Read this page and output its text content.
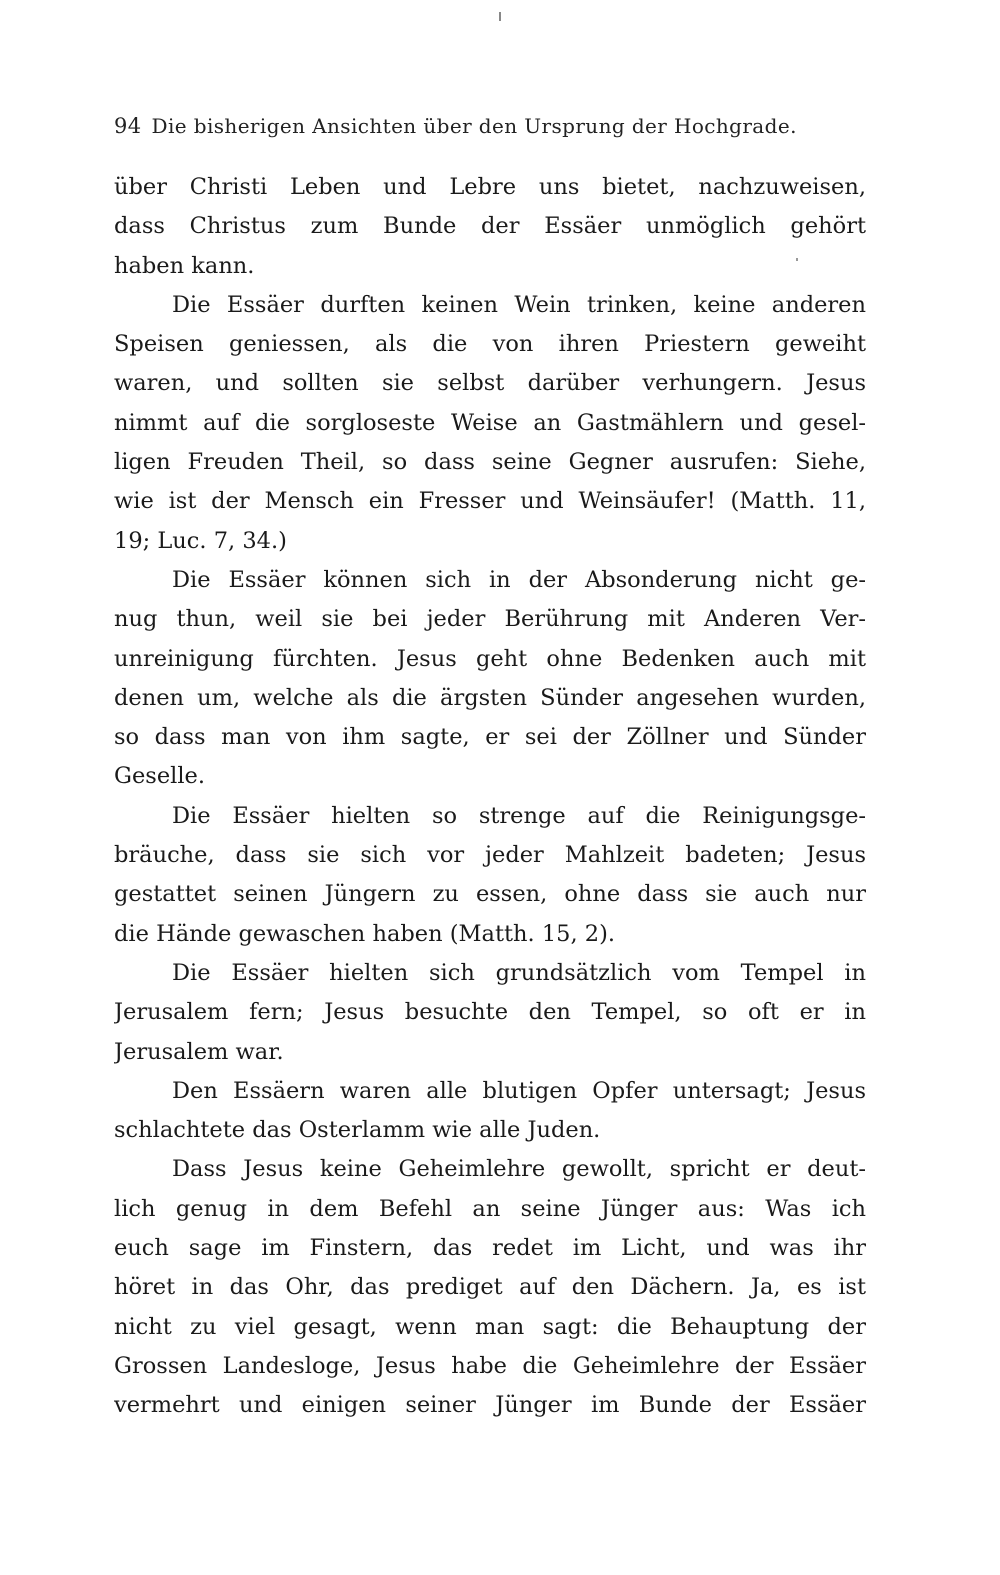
94 Die bisherigen Ansichten über den Ursprung der Hochgrade.
über Christi Leben und Lebre uns bietet, nachzuweisen,
dass Christus zum Bunde der Essäer unmöglich gehört
haben kann.
Die Essäer durften keinen Wein trinken, keine anderen
Speisen geniessen, als die von ihren Priestern geweiht
waren, und sollten sie selbst darüber verhungern. Jesus
nimmt auf die sorgloseste Weise an Gastmählern und gesel-
ligen Freuden Theil, so dass seine Gegner ausrufen: Siehe,
wie ist der Mensch ein Fresser und Weinsäufer! (Matth. 11,
19; Luc. 7, 34.)
Die Essäer können sich in der Absonderung nicht ge-
nug thun, weil sie bei jeder Berührung mit Anderen Ver-
unreinigung fürchten. Jesus geht ohne Bedenken auch mit
denen um, welche als die ärgsten Sünder angesehen wurden,
so dass man von ihm sagte, er sei der Zöllner und Sünder
Geselle.
Die Essäer hielten so strenge auf die Reinigungsge-
bräuche, dass sie sich vor jeder Mahlzeit badeten; Jesus
gestattet seinen Jüngern zu essen, ohne dass sie auch nur
die Hände gewaschen haben (Matth. 15, 2).
Die Essäer hielten sich grundsätzlich vom Tempel in
Jerusalem fern; Jesus besuchte den Tempel, so oft er in
Jerusalem war.
Den Essäern waren alle blutigen Opfer untersagt; Jesus
schlachtete das Osterlamm wie alle Juden.
Dass Jesus keine Geheimlehre gewollt, spricht er deut-
lich genug in dem Befehl an seine Jünger aus: Was ich
euch sage im Finstern, das redet im Licht, und was ihr
höret in das Ohr, das prediget auf den Dächern. Ja, es ist
nicht zu viel gesagt, wenn man sagt: die Behauptung der
Grossen Landesloge, Jesus habe die Geheimlehre der Essäer
vermehrt und einigen seiner Jünger im Bunde der Essäer
